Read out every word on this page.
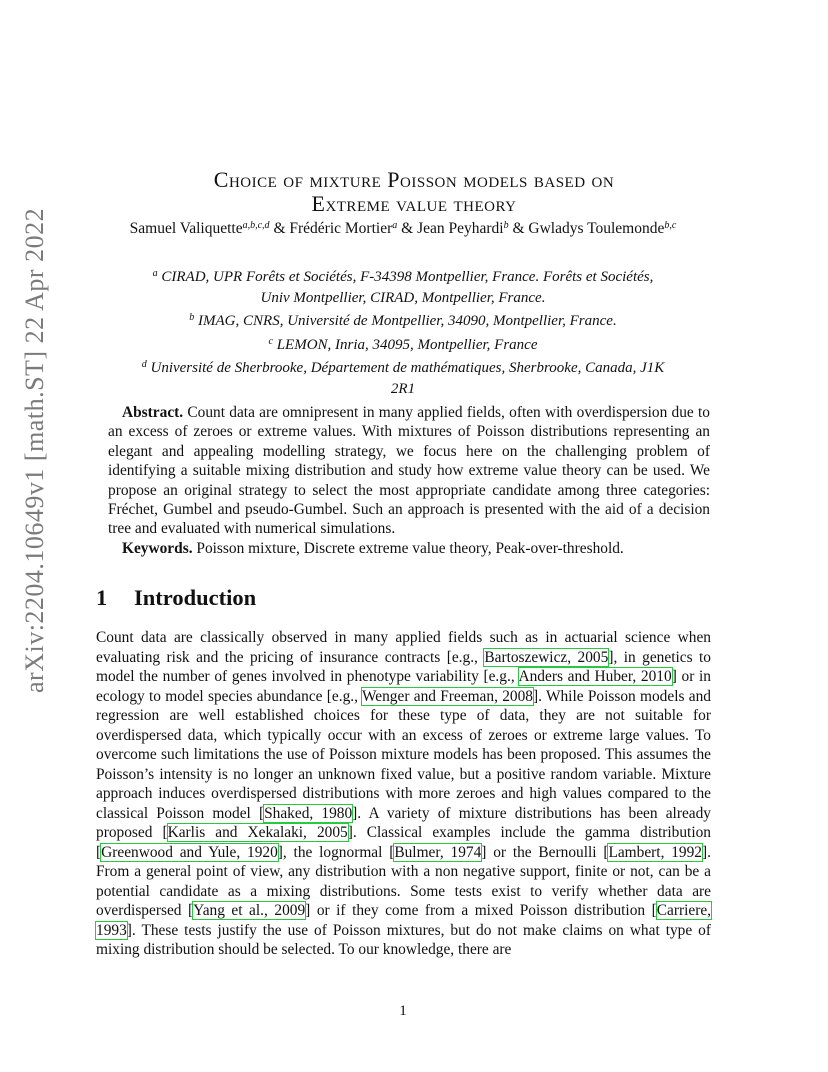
arXiv:2204.10649v1 [math.ST] 22 Apr 2022
Choice of mixture Poisson models based on
Extreme value theory
Samuel Valiquette$^{a,b,c,d}$ & Frédéric Mortier$^a$ & Jean Peyhardi$^b$ & Gwladys Toulemonde$^{b,c}$
$^a$ CIRAD, UPR Forêts et Sociétés, F-34398 Montpellier, France. Forêts et Sociétés,
Univ Montpellier, CIRAD, Montpellier, France.
$^b$ IMAG, CNRS, Université de Montpellier, 34090, Montpellier, France.
$^c$ LEMON, Inria, 34095, Montpellier, France
$^d$ Université de Sherbrooke, Département de mathématiques, Sherbrooke, Canada, J1K
2R1

Abstract. Count data are omnipresent in many applied fields, often with overdispersion due to an excess of zeroes or extreme values. With mixtures of Poisson distributions representing an elegant and appealing modelling strategy, we focus here on the challenging problem of identifying a suitable mixing distribution and study how extreme value theory can be used. We propose an original strategy to select the most appropriate candidate among three categories: Fréchet, Gumbel and pseudo-Gumbel. Such an approach is presented with the aid of a decision tree and evaluated with numerical simulations.

Keywords. Poisson mixture, Discrete extreme value theory, Peak-over-threshold.

1 Introduction

Count data are classically observed in many applied fields such as in actuarial science when evaluating risk and the pricing of insurance contracts [e.g., Bartoszewicz, 2005], in genetics to model the number of genes involved in phenotype variability [e.g., Anders and Huber, 2010] or in ecology to model species abundance [e.g., Wenger and Freeman, 2008]. While Poisson models and regression are well established choices for these type of data, they are not suitable for overdispersed data, which typically occur with an excess of zeroes or extreme large values. To overcome such limitations the use of Poisson mixture models has been proposed. This assumes the Poisson’s intensity is no longer an unknown fixed value, but a positive random variable. Mixture approach induces overdispersed distributions with more zeroes and high values compared to the classical Poisson model [Shaked, 1980]. A variety of mixture distributions has been already proposed [Karlis and Xekalaki, 2005]. Classical examples include the gamma distribution [Greenwood and Yule, 1920], the lognormal [Bulmer, 1974] or the Bernoulli [Lambert, 1992]. From a general point of view, any distribution with a non negative support, finite or not, can be a potential candidate as a mixing distributions. Some tests exist to verify whether data are overdispersed [Yang et al., 2009] or if they come from a mixed Poisson distribution [Carriere, 1993]. These tests justify the use of Poisson mixtures, but do not make claims on what type of mixing distribution should be selected. To our knowledge, there are

1
